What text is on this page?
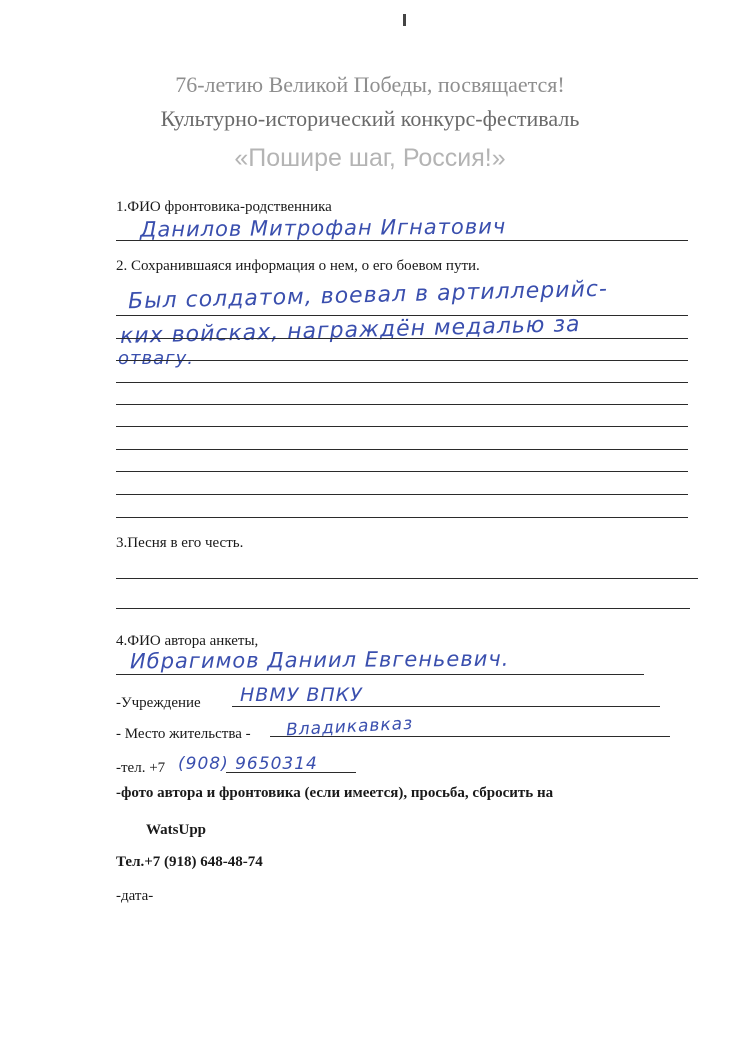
76-летию Великой Победы, посвящается!
Культурно-исторический конкурс-фестиваль
«Пошире шаг, Россия!»
1.ФИО фронтовика-родственника
Данилов Митрофан Игнатович
2. Сохранившаяся информация о нем, о его боевом пути.
Был солдатом, воевал в артиллерийс-
ких войсках, награждён медалью за
отвагу.
3.Песня в его честь.
4.ФИО автора анкеты,
Ибрагимов Даниил Евгеньевич.
-Учреждение НВМУ ВПКУ
- Место жительства - Владикавказ
-тел. +7 (908) 9650314
-фото автора и фронтовика (если имеется), просьба, сбросить на
WatsUpp
Тел.+7 (918) 648-48-74
-дата-
